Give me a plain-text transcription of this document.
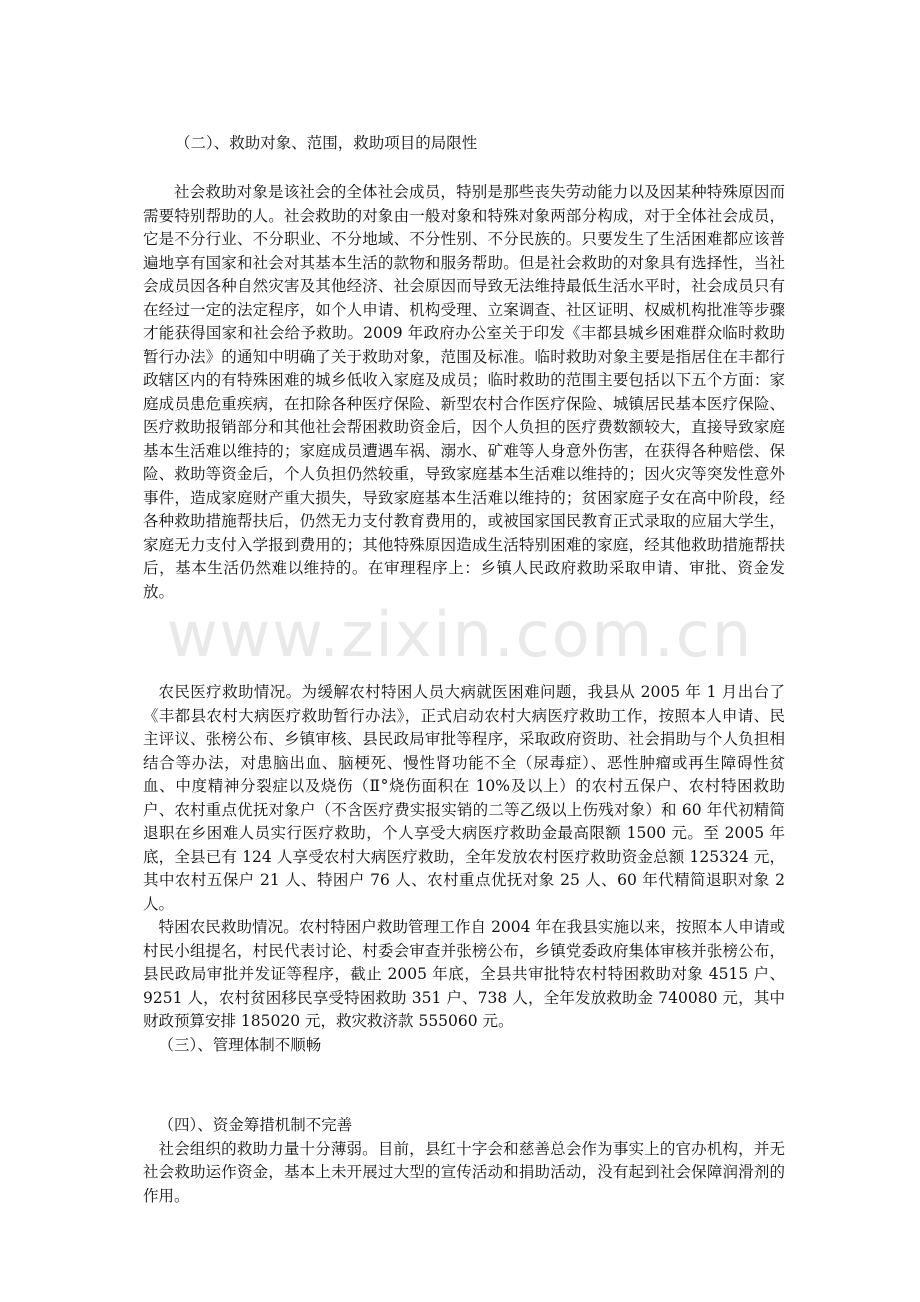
（二）、救助对象、范围，救助项目的局限性

社会救助对象是该社会的全体社会成员，特别是那些丧失劳动能力以及因某种特殊原因而需要特别帮助的人。社会救助的对象由一般对象和特殊对象两部分构成，对于全体社会成员，它是不分行业、不分职业、不分地域、不分性别、不分民族的。只要发生了生活困难都应该普遍地享有国家和社会对其基本生活的款物和服务帮助。但是社会救助的对象具有选择性，当社会成员因各种自然灾害及其他经济、社会原因而导致无法维持最低生活水平时，社会成员只有在经过一定的法定程序，如个人申请、机构受理、立案调查、社区证明、权威机构批准等步骤才能获得国家和社会给予救助。2009 年政府办公室关于印发《丰都县城乡困难群众临时救助暂行办法》的通知中明确了关于救助对象，范围及标准。临时救助对象主要是指居住在丰都行政辖区内的有特殊困难的城乡低收入家庭及成员；临时救助的范围主要包括以下五个方面：家庭成员患危重疾病，在扣除各种医疗保险、新型农村合作医疗保险、城镇居民基本医疗保险、医疗救助报销部分和其他社会帮困救助资金后，因个人负担的医疗费数额较大，直接导致家庭基本生活难以维持的；家庭成员遭遇车祸、溺水、矿难等人身意外伤害，在获得各种赔偿、保险、救助等资金后，个人负担仍然较重，导致家庭基本生活难以维持的；因火灾等突发性意外事件，造成家庭财产重大损失，导致家庭基本生活难以维持的；贫困家庭子女在高中阶段，经各种救助措施帮扶后，仍然无力支付教育费用的，或被国家国民教育正式录取的应届大学生，家庭无力支付入学报到费用的；其他特殊原因造成生活特别困难的家庭，经其他救助措施帮扶后，基本生活仍然难以维持的。在审理程序上：乡镇人民政府救助采取申请、审批、资金发放。

www.zixin.com.cn

农民医疗救助情况。为缓解农村特困人员大病就医困难问题，我县从 2005 年 1 月出台了《丰都县农村大病医疗救助暂行办法》，正式启动农村大病医疗救助工作，按照本人申请、民主评议、张榜公布、乡镇审核、县民政局审批等程序，采取政府资助、社会捐助与个人负担相结合等办法，对患脑出血、脑梗死、慢性肾功能不全（尿毒症）、恶性肿瘤或再生障碍性贫血、中度精神分裂症以及烧伤（Ⅱ°烧伤面积在 10%及以上）的农村五保户、农村特困救助户、农村重点优抚对象户（不含医疗费实报实销的二等乙级以上伤残对象）和 60 年代初精简退职在乡困难人员实行医疗救助，个人享受大病医疗救助金最高限额 1500 元。至 2005 年底，全县已有 124 人享受农村大病医疗救助，全年发放农村医疗救助资金总额 125324 元，其中农村五保户 21 人、特困户 76 人、农村重点优抚对象 25 人、60 年代精简退职对象 2 人。

特困农民救助情况。农村特困户救助管理工作自 2004 年在我县实施以来，按照本人申请或村民小组提名，村民代表讨论、村委会审查并张榜公布，乡镇党委政府集体审核并张榜公布，县民政局审批并发证等程序，截止 2005 年底，全县共审批特农村特困救助对象 4515 户、9251 人，农村贫困移民享受特困救助 351 户、738 人，全年发放救助金 740080 元，其中财政预算安排 185020 元，救灾救济款 555060 元。

（三）、管理体制不顺畅

（四）、资金筹措机制不完善

社会组织的救助力量十分薄弱。目前，县红十字会和慈善总会作为事实上的官办机构，并无社会救助运作资金，基本上未开展过大型的宣传活动和捐助活动，没有起到社会保障润滑剂的作用。
